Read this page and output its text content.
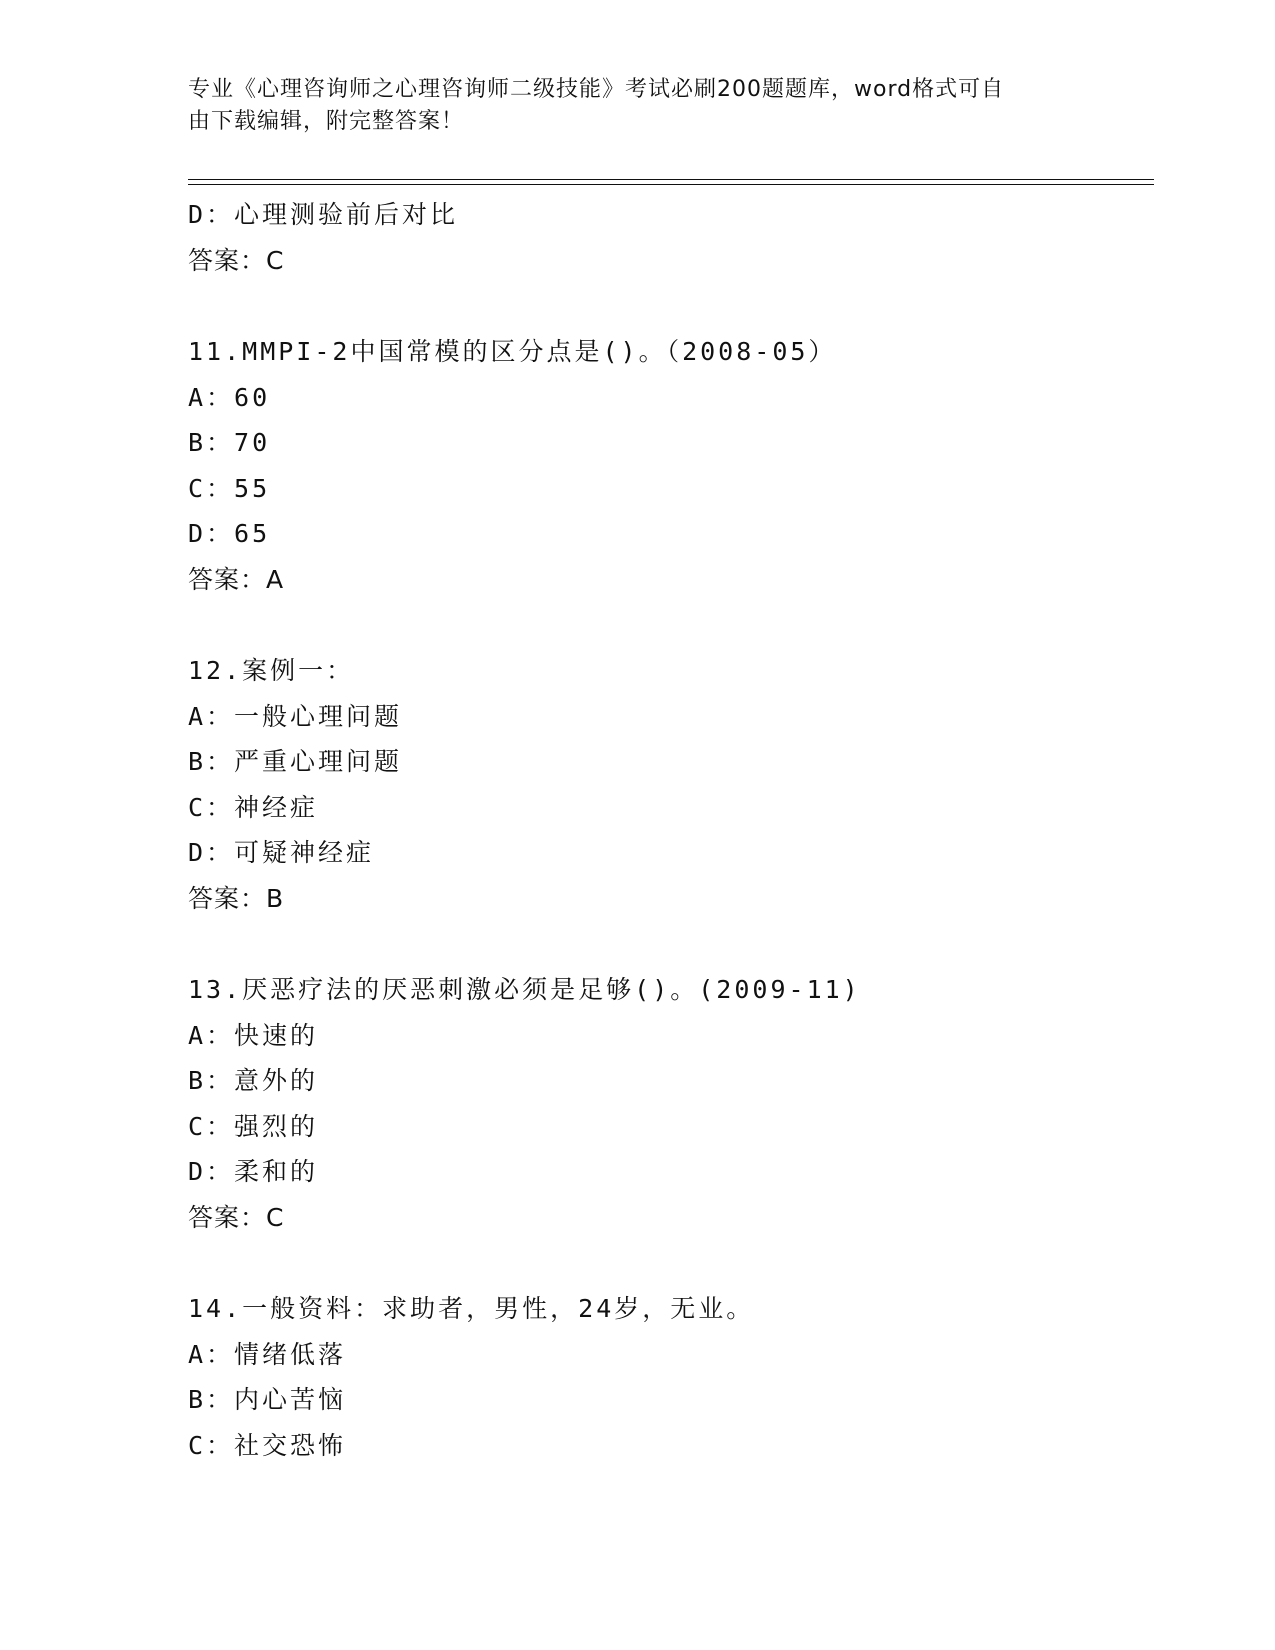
专业《心理咨询师之心理咨询师二级技能》考试必刷200题题库，word格式可自
由下载编辑，附完整答案！
D：心理测验前后对比
答案：C
11.MMPI-2中国常模的区分点是()。（2008-05）
A：60
B：70
C：55
D：65
答案：A
12.案例一：
A：一般心理问题
B：严重心理问题
C：神经症
D：可疑神经症
答案：B
13.厌恶疗法的厌恶刺激必须是足够()。(2009-11)
A：快速的
B：意外的
C：强烈的
D：柔和的
答案：C
14.一般资料：求助者，男性，24岁，无业。
A：情绪低落
B：内心苦恼
C：社交恐怖
